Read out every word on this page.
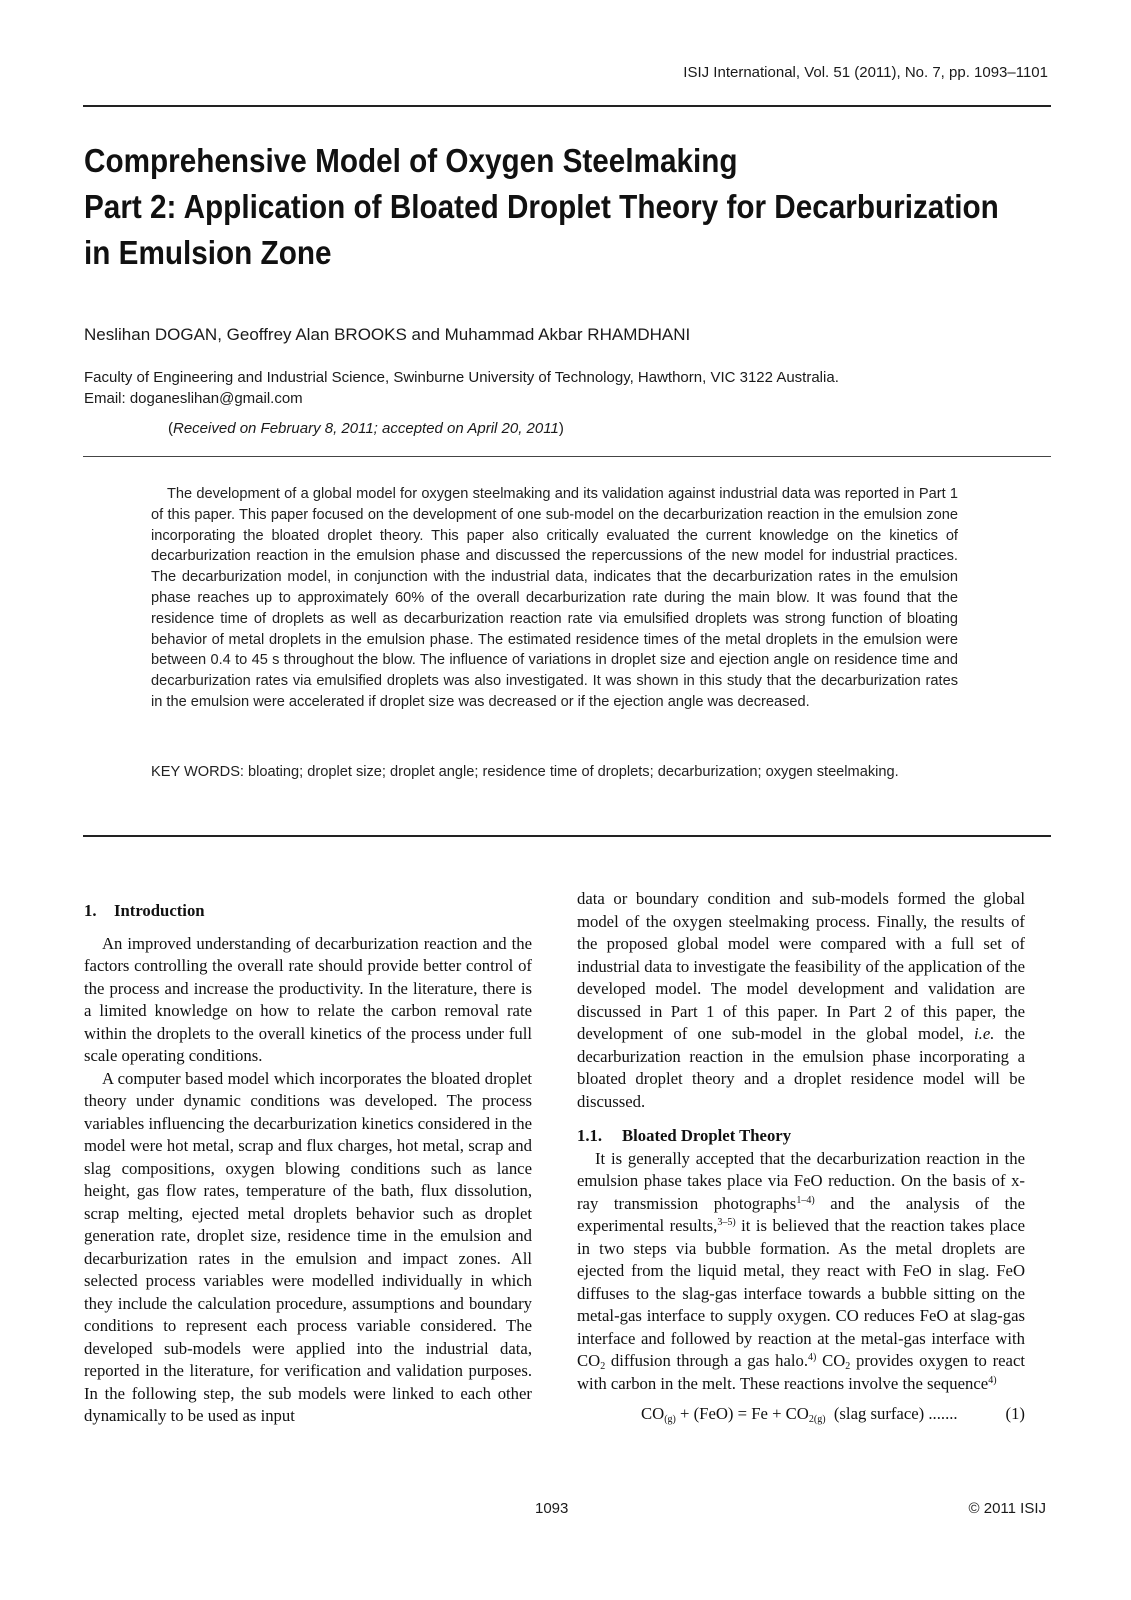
ISIJ International, Vol. 51 (2011), No. 7, pp. 1093–1101
Comprehensive Model of Oxygen Steelmaking
Part 2: Application of Bloated Droplet Theory for Decarburization
in Emulsion Zone
Neslihan DOGAN, Geoffrey Alan BROOKS and Muhammad Akbar RHAMDHANI
Faculty of Engineering and Industrial Science, Swinburne University of Technology, Hawthorn, VIC 3122 Australia.
Email: doganeslihan@gmail.com
(Received on February 8, 2011; accepted on April 20, 2011)

The development of a global model for oxygen steelmaking and its validation against industrial data was reported in Part 1 of this paper. This paper focused on the development of one sub-model on the decarburization reaction in the emulsion zone incorporating the bloated droplet theory. This paper also critically evaluated the current knowledge on the kinetics of decarburization reaction in the emulsion phase and discussed the repercussions of the new model for industrial practices. The decarburization model, in conjunction with the industrial data, indicates that the decarburization rates in the emulsion phase reaches up to approximately 60% of the overall decarburization rate during the main blow. It was found that the residence time of droplets as well as decarburization reaction rate via emulsified droplets was strong function of bloating behavior of metal droplets in the emulsion phase. The estimated residence times of the metal droplets in the emulsion were between 0.4 to 45 s throughout the blow. The influence of variations in droplet size and ejection angle on residence time and decarburization rates via emulsified droplets was also investigated. It was shown in this study that the decarburization rates in the emulsion were accelerated if droplet size was decreased or if the ejection angle was decreased.

KEY WORDS: bloating; droplet size; droplet angle; residence time of droplets; decarburization; oxygen steelmaking.

1. Introduction

An improved understanding of decarburization reaction and the factors controlling the overall rate should provide better control of the process and increase the productivity. In the literature, there is a limited knowledge on how to relate the carbon removal rate within the droplets to the overall kinetics of the process under full scale operating conditions.

A computer based model which incorporates the bloated droplet theory under dynamic conditions was developed. The process variables influencing the decarburization kinetics considered in the model were hot metal, scrap and flux charges, hot metal, scrap and slag compositions, oxygen blowing conditions such as lance height, gas flow rates, temperature of the bath, flux dissolution, scrap melting, ejected metal droplets behavior such as droplet generation rate, droplet size, residence time in the emulsion and decarburization rates in the emulsion and impact zones. All selected process variables were modelled individually in which they include the calculation procedure, assumptions and boundary conditions to represent each process variable considered. The developed sub-models were applied into the industrial data, reported in the literature, for verification and validation purposes. In the following step, the sub models were linked to each other dynamically to be used as input

data or boundary condition and sub-models formed the global model of the oxygen steelmaking process. Finally, the results of the proposed global model were compared with a full set of industrial data to investigate the feasibility of the application of the developed model. The model development and validation are discussed in Part 1 of this paper. In Part 2 of this paper, the development of one sub-model in the global model, i.e. the decarburization reaction in the emulsion phase incorporating a bloated droplet theory and a droplet residence model will be discussed.

1.1. Bloated Droplet Theory

It is generally accepted that the decarburization reaction in the emulsion phase takes place via FeO reduction. On the basis of x-ray transmission photographs$^{1-4)}$ and the analysis of the experimental results,$^{3-5)}$ it is believed that the reaction takes place in two steps via bubble formation. As the metal droplets are ejected from the liquid metal, they react with FeO in slag. FeO diffuses to the slag-gas interface towards a bubble sitting on the metal-gas interface to supply oxygen. CO reduces FeO at slag-gas interface and followed by reaction at the metal-gas interface with $CO_2$ diffusion through a gas halo.$^{4)}$ $CO_2$ provides oxygen to react with carbon in the melt. These reactions involve the sequence$^{4)}$

$CO_{(g)} + (FeO) = Fe + CO_{2(g)}$ (slag surface) .......	(1)
1093	© 2011 ISIJ
